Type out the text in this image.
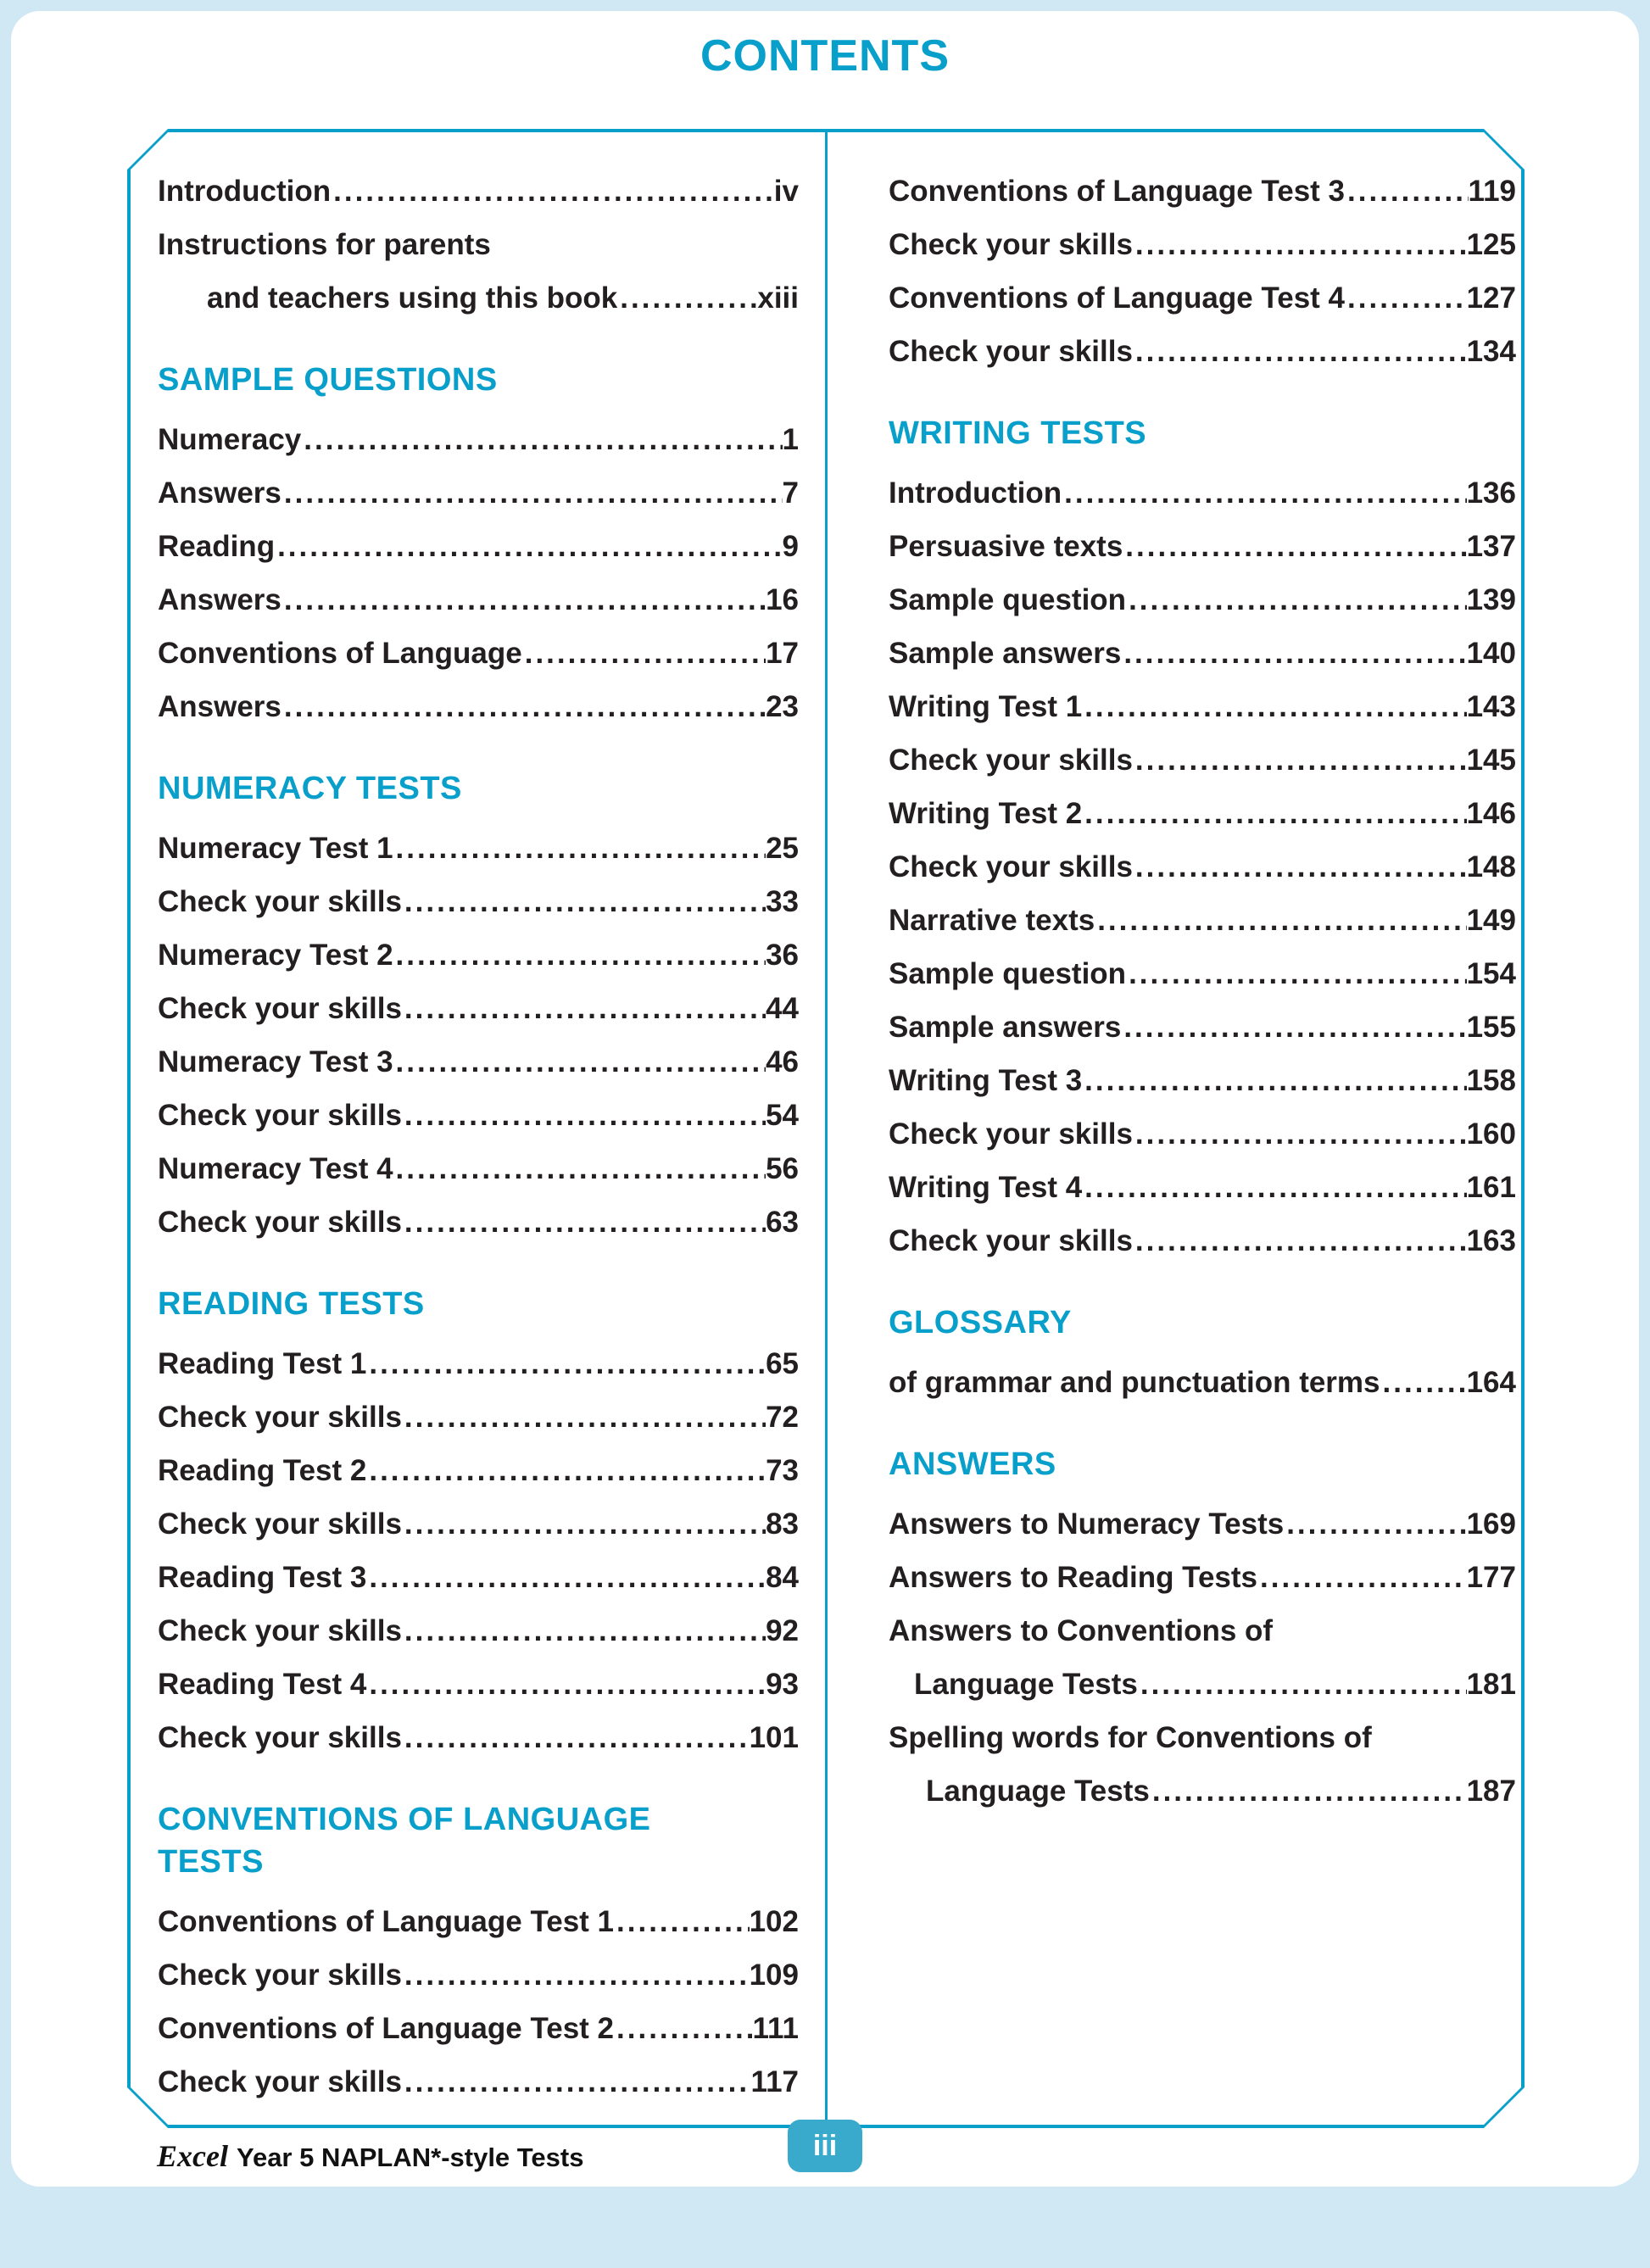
CONTENTS
Introduction .....	iv
Instructions for parents
and teachers using this book .....	xiii
SAMPLE QUESTIONS
Numeracy .....	1
Answers .....	7
Reading .....	9
Answers .....	16
Conventions of Language .....	17
Answers .....	23
NUMERACY TESTS
Numeracy Test 1 .....	25
Check your skills .....	33
Numeracy Test 2 .....	36
Check your skills .....	44
Numeracy Test 3 .....	46
Check your skills .....	54
Numeracy Test 4 .....	56
Check your skills .....	63
READING TESTS
Reading Test 1 .....	65
Check your skills .....	72
Reading Test 2 .....	73
Check your skills .....	83
Reading Test 3 .....	84
Check your skills .....	92
Reading Test 4 .....	93
Check your skills .....	101
CONVENTIONS OF LANGUAGE
TESTS
Conventions of Language Test 1 .....	102
Check your skills .....	109
Conventions of Language Test 2 .....	111
Check your skills .....	117
Conventions of Language Test 3 .....	119
Check your skills .....	125
Conventions of Language Test 4 .....	127
Check your skills .....	134
WRITING TESTS
Introduction .....	136
Persuasive texts .....	137
Sample question .....	139
Sample answers .....	140
Writing Test 1 .....	143
Check your skills .....	145
Writing Test 2 .....	146
Check your skills .....	148
Narrative texts .....	149
Sample question .....	154
Sample answers .....	155
Writing Test 3 .....	158
Check your skills .....	160
Writing Test 4 .....	161
Check your skills .....	163
GLOSSARY
of grammar and punctuation terms .....	164
ANSWERS
Answers to Numeracy Tests .....	169
Answers to Reading Tests .....	177
Answers to Conventions of
Language Tests .....	181
Spelling words for Conventions of
Language Tests .....	187
Excel Year 5 NAPLAN*-style Tests	iii
